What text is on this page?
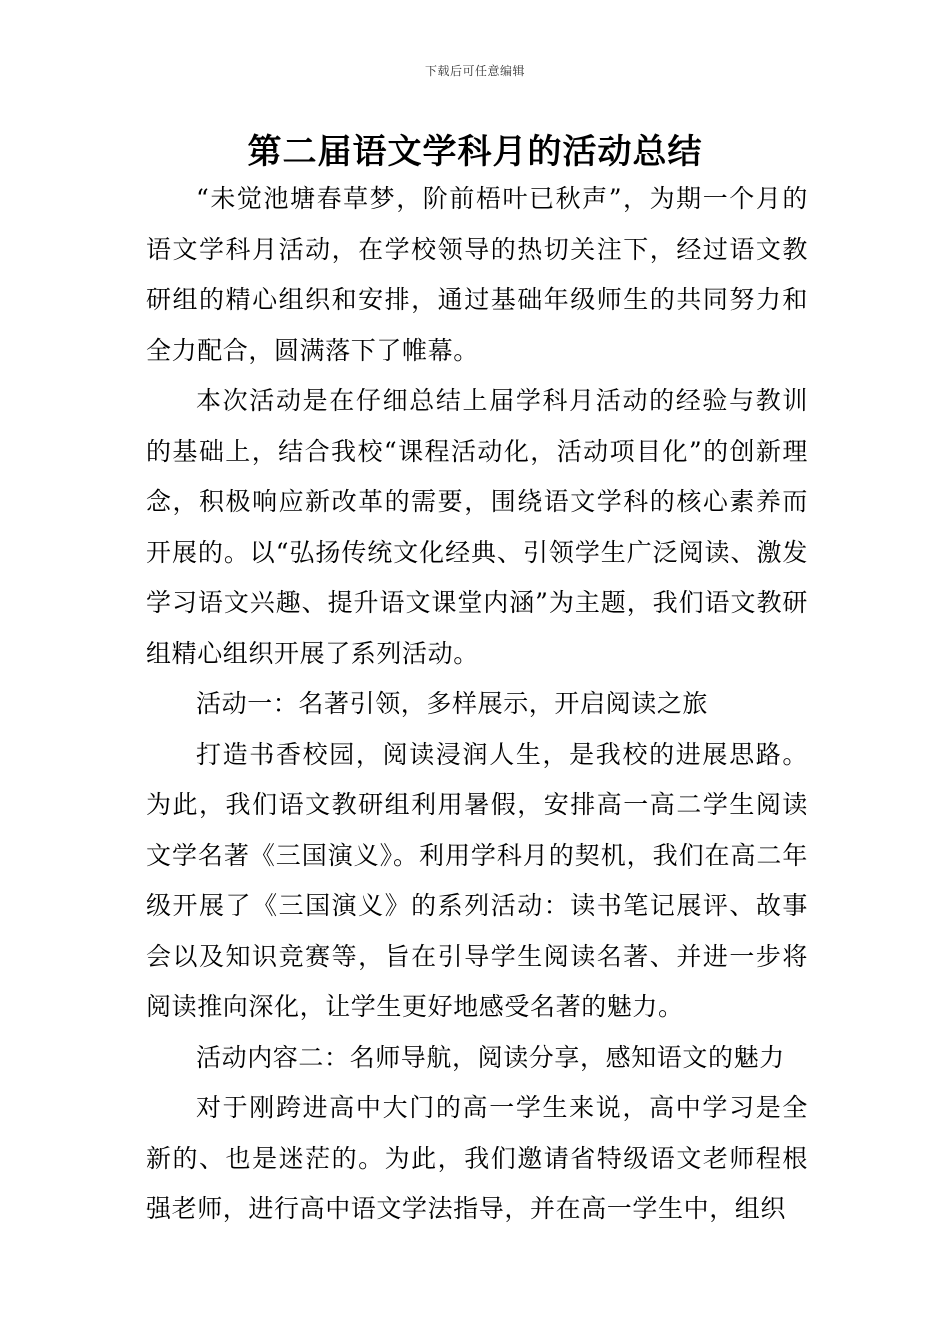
下载后可任意编辑
第二届语文学科月的活动总结

“未觉池塘春草梦，阶前梧叶已秋声”，为期一个月的语文学科月活动，在学校领导的热切关注下，经过语文教研组的精心组织和安排，通过基础年级师生的共同努力和全力配合，圆满落下了帷幕。

本次活动是在仔细总结上届学科月活动的经验与教训的基础上，结合我校“课程活动化，活动项目化”的创新理念，积极响应新改革的需要，围绕语文学科的核心素养而开展的。以“弘扬传统文化经典、引领学生广泛阅读、激发学习语文兴趣、提升语文课堂内涵”为主题，我们语文教研组精心组织开展了系列活动。

活动一：名著引领，多样展示，开启阅读之旅

打造书香校园，阅读浸润人生，是我校的进展思路。为此，我们语文教研组利用暑假，安排高一高二学生阅读文学名著《三国演义》。利用学科月的契机，我们在高二年级开展了《三国演义》的系列活动：读书笔记展评、故事会以及知识竞赛等，旨在引导学生阅读名著、并进一步将阅读推向深化，让学生更好地感受名著的魅力。

活动内容二：名师导航，阅读分享，感知语文的魅力

对于刚跨进高中大门的高一学生来说，高中学习是全新的、也是迷茫的。为此，我们邀请省特级语文老师程根强老师，进行高中语文学法指导，并在高一学生中，组织
